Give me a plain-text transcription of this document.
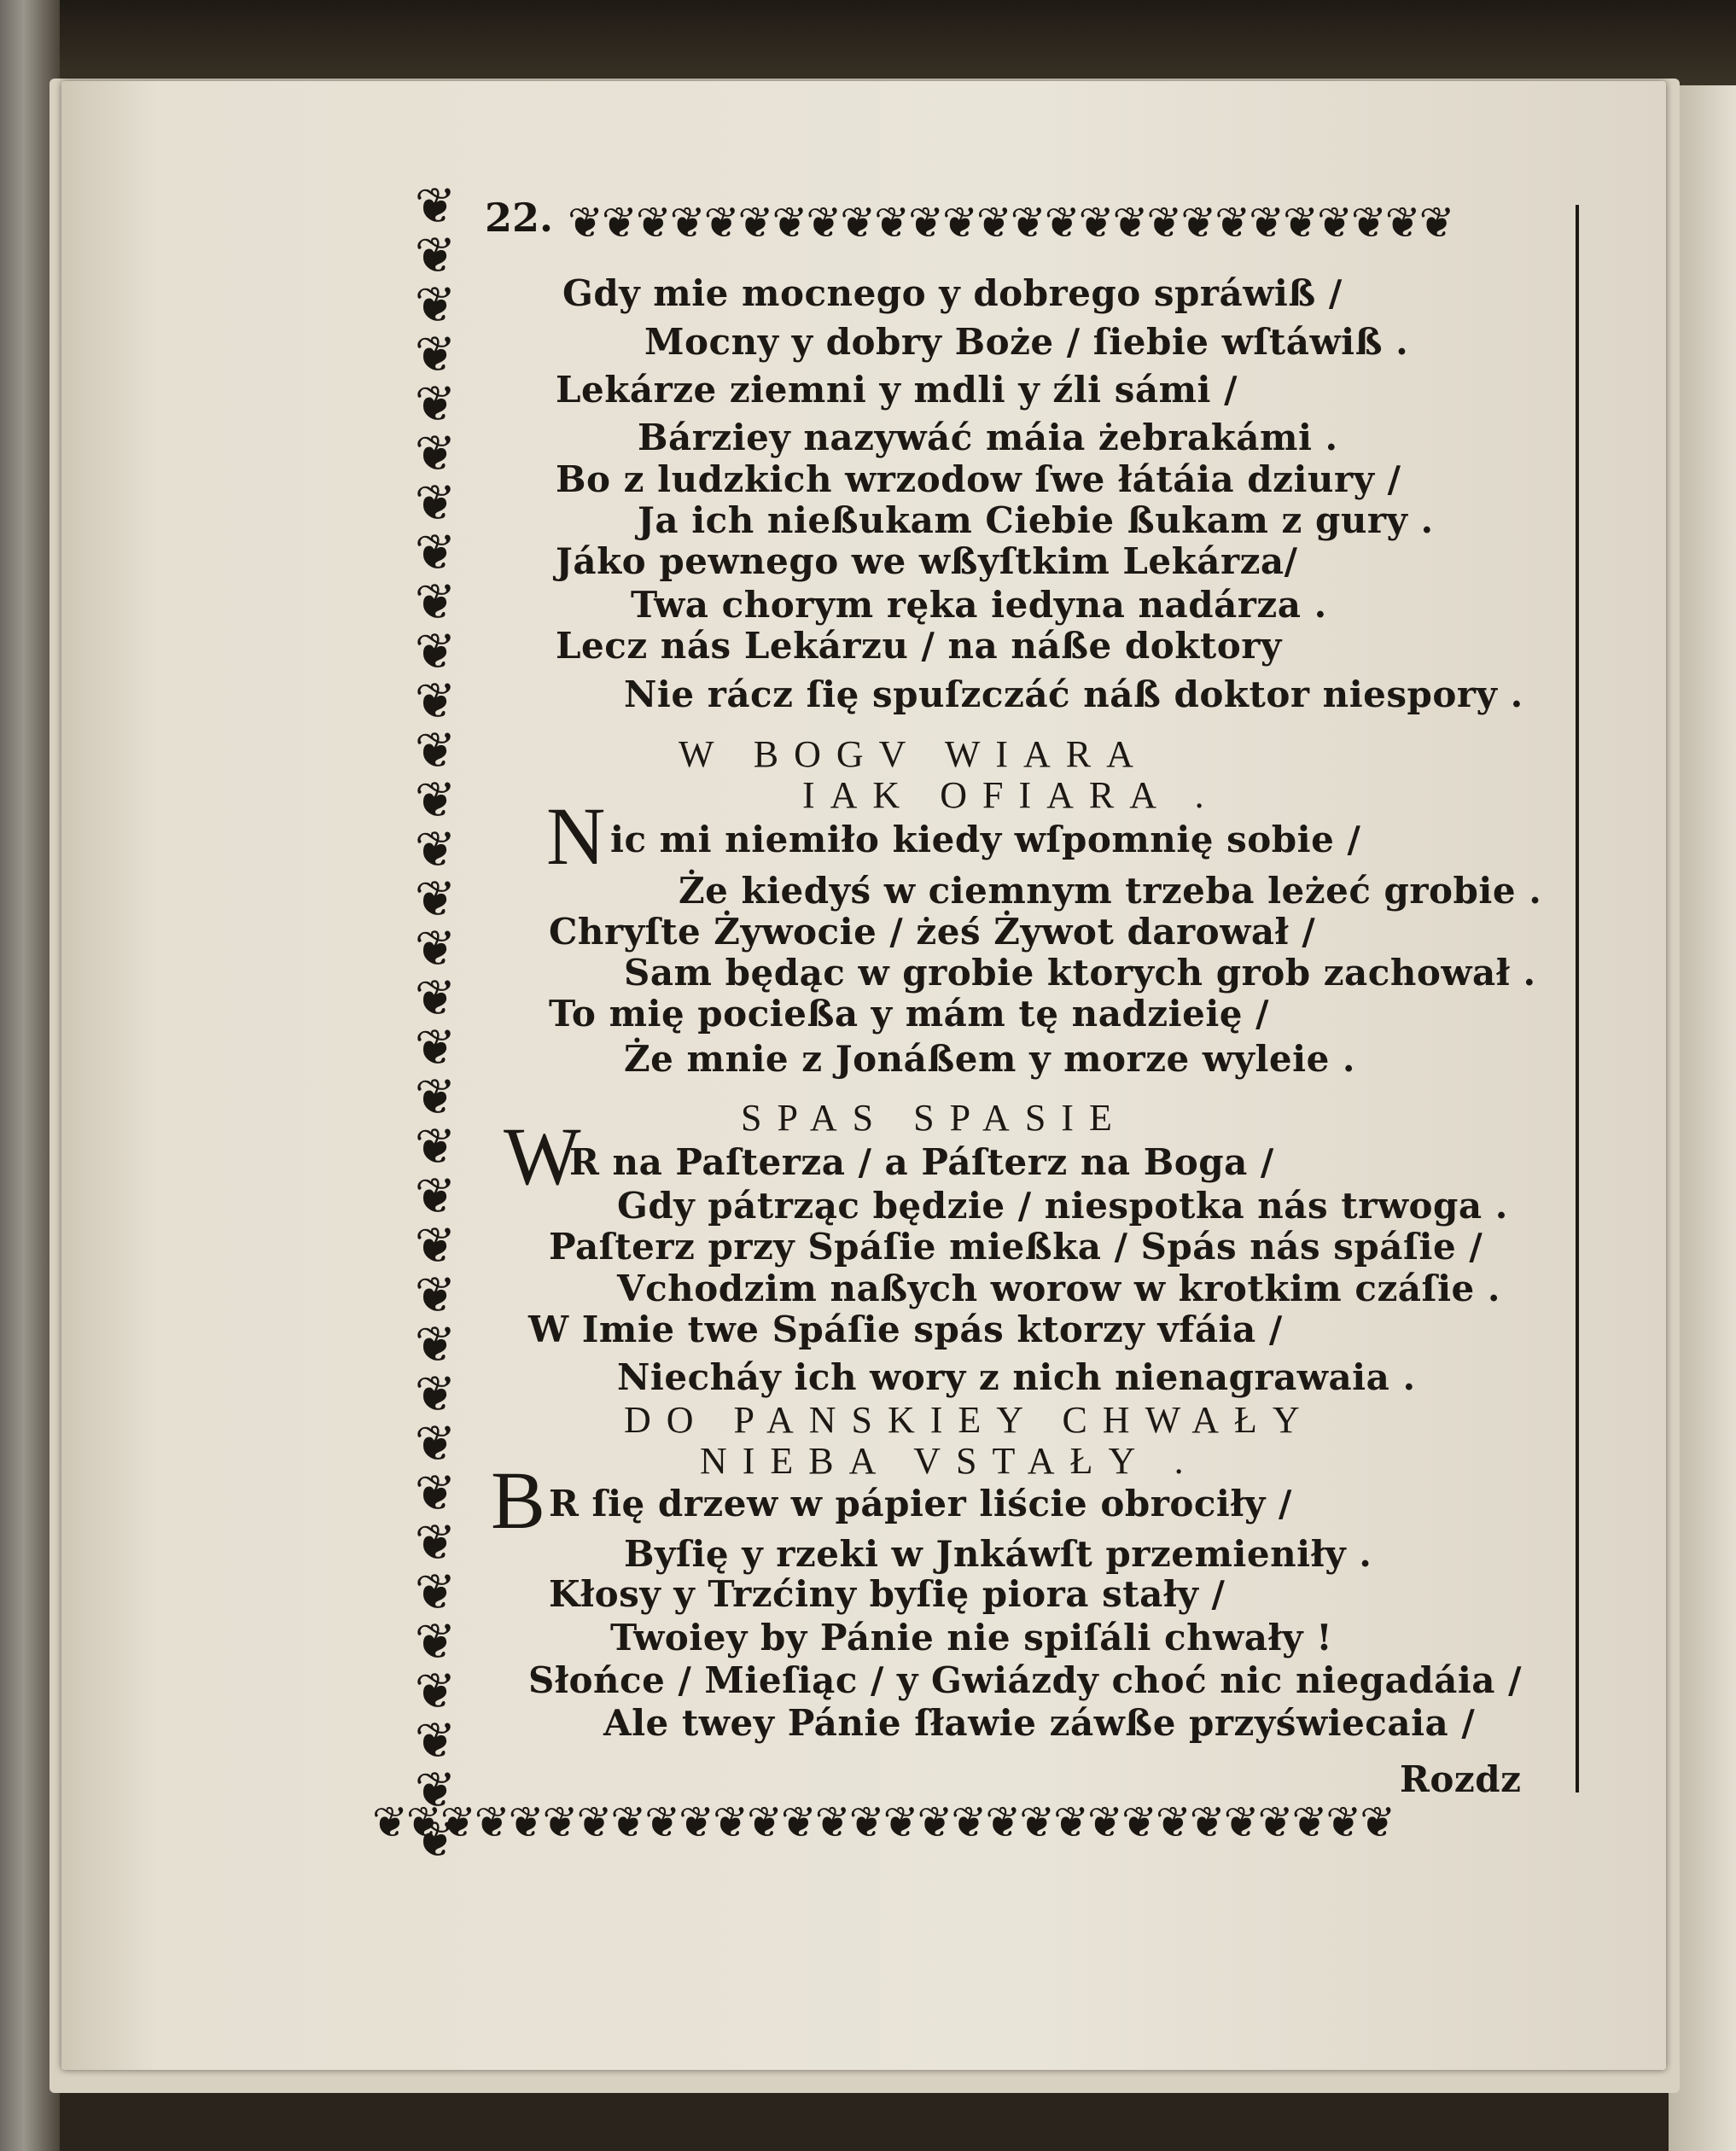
❦ ❦ ❦ ❦ ❦ ❦ ❦ ❦ ❦ ❦ ❦ ❦ ❦ ❦ ❦ ❦ ❦ ❦ ❦ ❦ ❦ ❦ ❦ ❦ ❦ ❦
❦ ❦ ❦ ❦ ❦ ❦ ❦ ❦ ❦ ❦ ❦ ❦ ❦ ❦ ❦ ❦ ❦ ❦ ❦ ❦ ❦ ❦ ❦ ❦ ❦ ❦ ❦ ❦ ❦ ❦
❦
❦
❦
❦
❦
❦
❦
❦
❦
❦
❦
❦
❦
❦
❦
❦
❦
❦
❦
❦
❦
❦
❦
❦
❦
❦
❦
❦
❦
❦
❦
❦
❦
❦
22.
Gdy mie mocnego y dobrego spráwiß /
Mocny y dobry Boże / ſiebie wſtáwiß .
Lekárze ziemni y mdli y źli sámi /
Bárziey nazywáć máia żebrakámi .
Bo z ludzkich wrzodow ſwe łátáia dziury /
Ja ich nießukam Ciebie ßukam z gury .
Jáko pewnego we wßyſtkim Lekárza/
Twa chorym ręka iedyna nadárza .
Lecz nás Lekárzu / na náße doktory
Nie rácz ſię spuſzczáć náß doktor niespory .
W BOGV WIARA
IAK OFIARA .
N ic mi niemiło kiedy wſpomnię sobie /
Że kiedyś w ciemnym trzeba leżeć grobie .
Chryſte Żywocie / żeś Żywot darował /
Sam będąc w grobie ktorych grob zachował .
To mię pocießa y mám tę nadzieię /
Że mnie z Jonáßem y morze wyleie .
SPAS SPASIE
W
R na Paſterza / a Páſterz na Boga /
Gdy pátrząc będzie / niespotka nás trwoga .
Paſterz przy Spáſie mießka / Spás nás spáſie /
Vchodzim naßych worow w krotkim czáſie .
W Imie twe Spáſie spás ktorzy vfáia /
Niecháy ich wory z nich nienagrawaia .
DO PANSKIEY CHWAŁY
NIEBA VSTAŁY .
B R ſię drzew w pápier liście obrociły /
Byſię y rzeki w Jnkáwſt przemieniły .
Kłosy y Trzćiny byſię piora stały /
Twoiey by Pánie nie spiſáli chwały !
Słońce / Mieſiąc / y Gwiázdy choć nic niegadáia /
Ale twey Pánie ſławie záwße przyświecaia /
Rozdz
